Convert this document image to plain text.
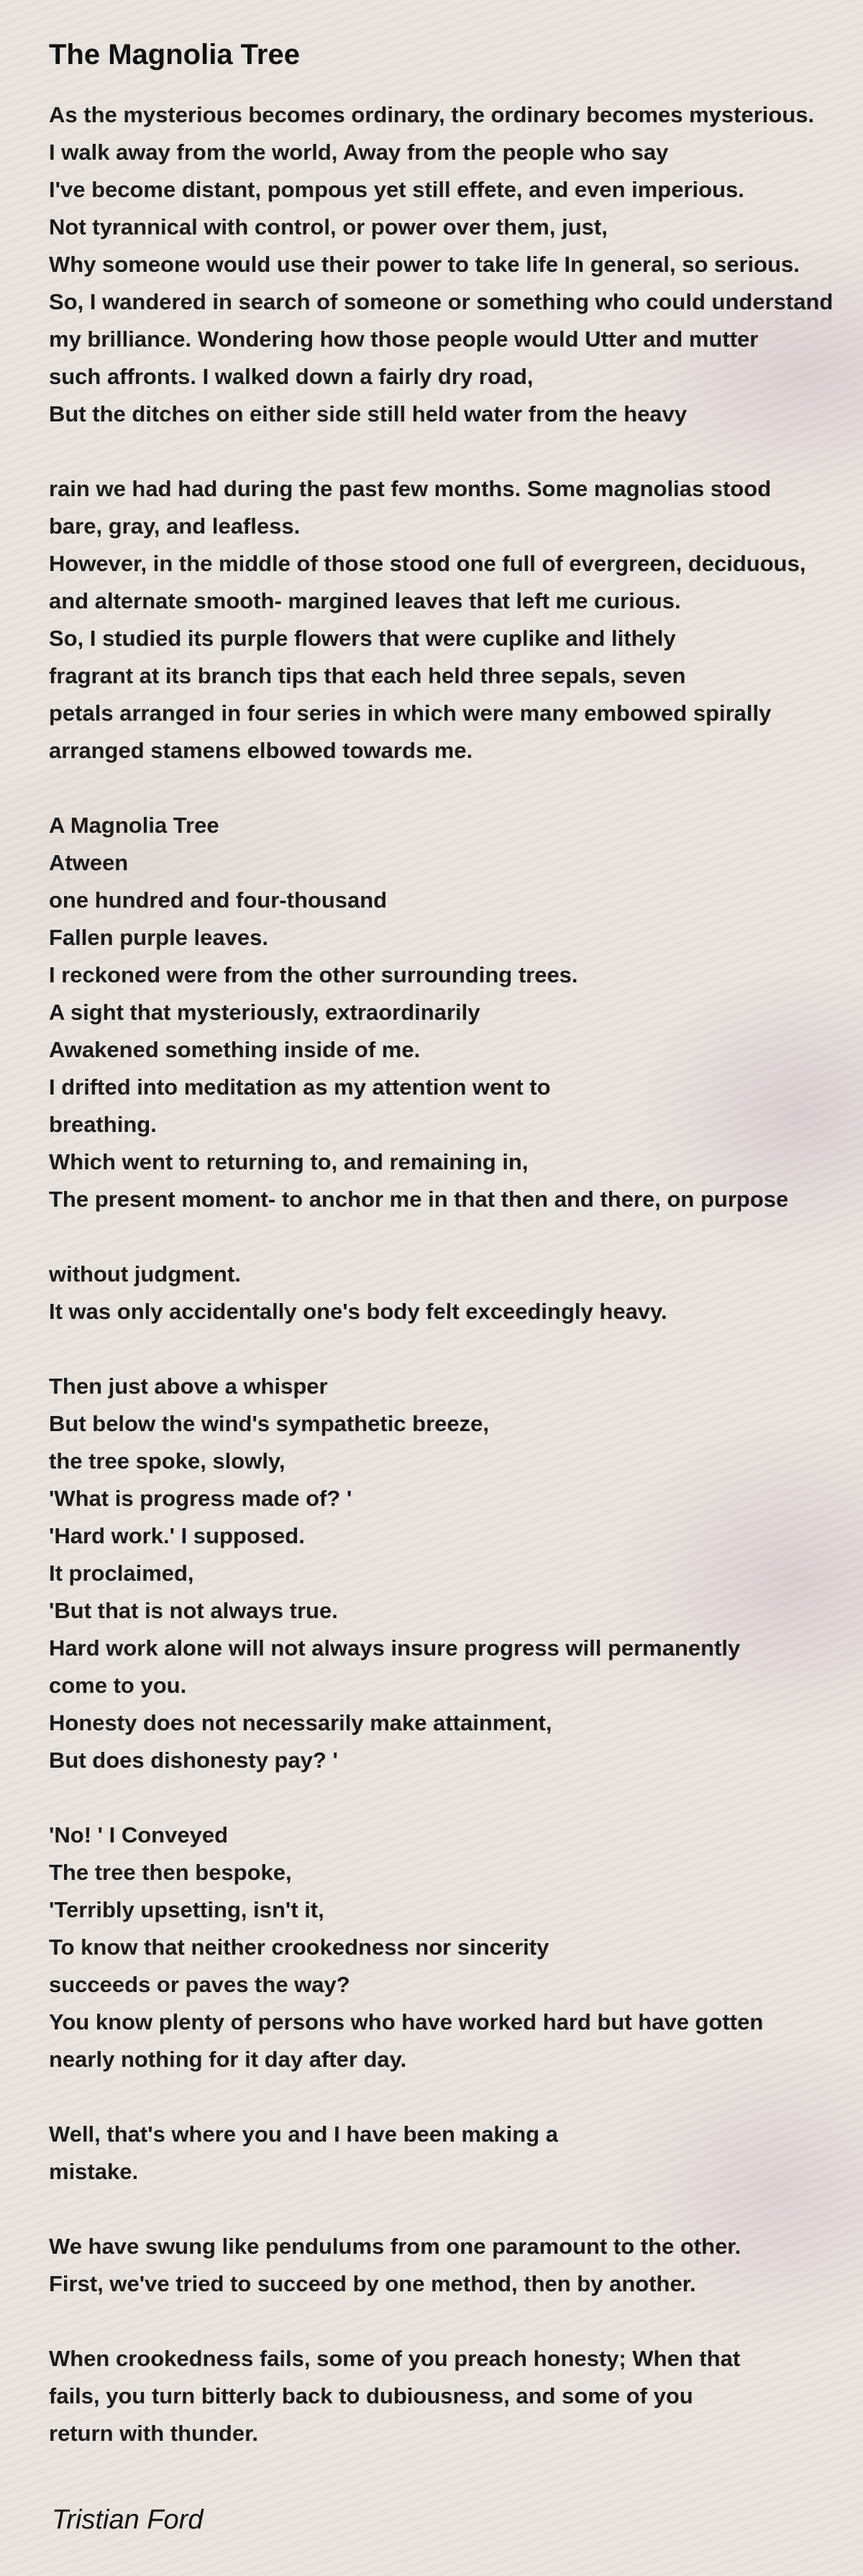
The Magnolia Tree
As the mysterious becomes ordinary, the ordinary becomes mysterious.
I walk away from the world, Away from the people who say
I've become distant, pompous yet still effete, and even imperious.
Not tyrannical with control, or power over them, just,
Why someone would use their power to take life In general, so serious.
So, I wandered in search of someone or something who could understand
my brilliance. Wondering how those people would Utter and mutter
such affronts. I walked down a fairly dry road,
But the ditches on either side still held water from the heavy
rain we had had during the past few months. Some magnolias stood
bare, gray, and leafless.
However, in the middle of those stood one full of evergreen, deciduous,
and alternate smooth- margined leaves that left me curious.
So, I studied its purple flowers that were cuplike and lithely
fragrant at its branch tips that each held three sepals, seven
petals arranged in four series in which were many embowed spirally
arranged stamens elbowed towards me.
A Magnolia Tree
Atween
one hundred and four-thousand
Fallen purple leaves.
I reckoned were from the other surrounding trees.
A sight that mysteriously, extraordinarily
Awakened something inside of me.
I drifted into meditation as my attention went to
breathing.
Which went to returning to, and remaining in,
The present moment- to anchor me in that then and there, on purpose
without judgment.
It was only accidentally one's body felt exceedingly heavy.
Then just above a whisper
But below the wind's sympathetic breeze,
the tree spoke, slowly,
'What is progress made of? '
'Hard work.' I supposed.
It proclaimed,
'But that is not always true.
Hard work alone will not always insure progress will permanently
come to you.
Honesty does not necessarily make attainment,
But does dishonesty pay? '
'No! ' I Conveyed
The tree then bespoke,
'Terribly upsetting, isn't it,
To know that neither crookedness nor sincerity
succeeds or paves the way?
You know plenty of persons who have worked hard but have gotten
nearly nothing for it day after day.
Well, that's where you and I have been making a
mistake.
We have swung like pendulums from one paramount to the other.
First, we've tried to succeed by one method, then by another.
When crookedness fails, some of you preach honesty; When that
fails, you turn bitterly back to dubiousness, and some of you
return with thunder.
Tristian Ford
